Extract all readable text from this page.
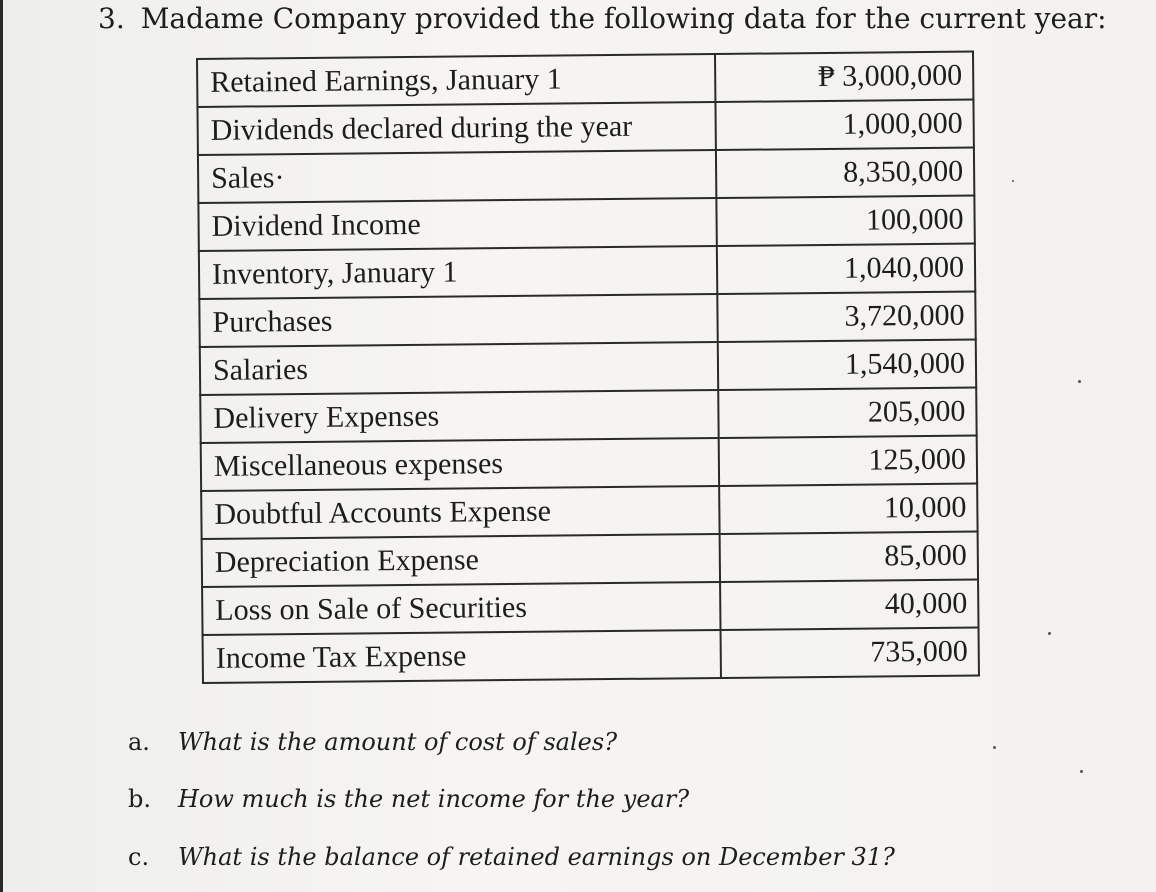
3. Madame Company provided the following data for the current year:
Retained Earnings, January 1	₱ 3,000,000
Dividends declared during the year	1,000,000
Sales·	8,350,000
Dividend Income	100,000
Inventory, January 1	1,040,000
Purchases	3,720,000
Salaries	1,540,000
Delivery Expenses	205,000
Miscellaneous expenses	125,000
Doubtful Accounts Expense	10,000
Depreciation Expense	85,000
Loss on Sale of Securities	40,000
Income Tax Expense	735,000
a. What is the amount of cost of sales?
b. How much is the net income for the year?
c. What is the balance of retained earnings on December 31?
